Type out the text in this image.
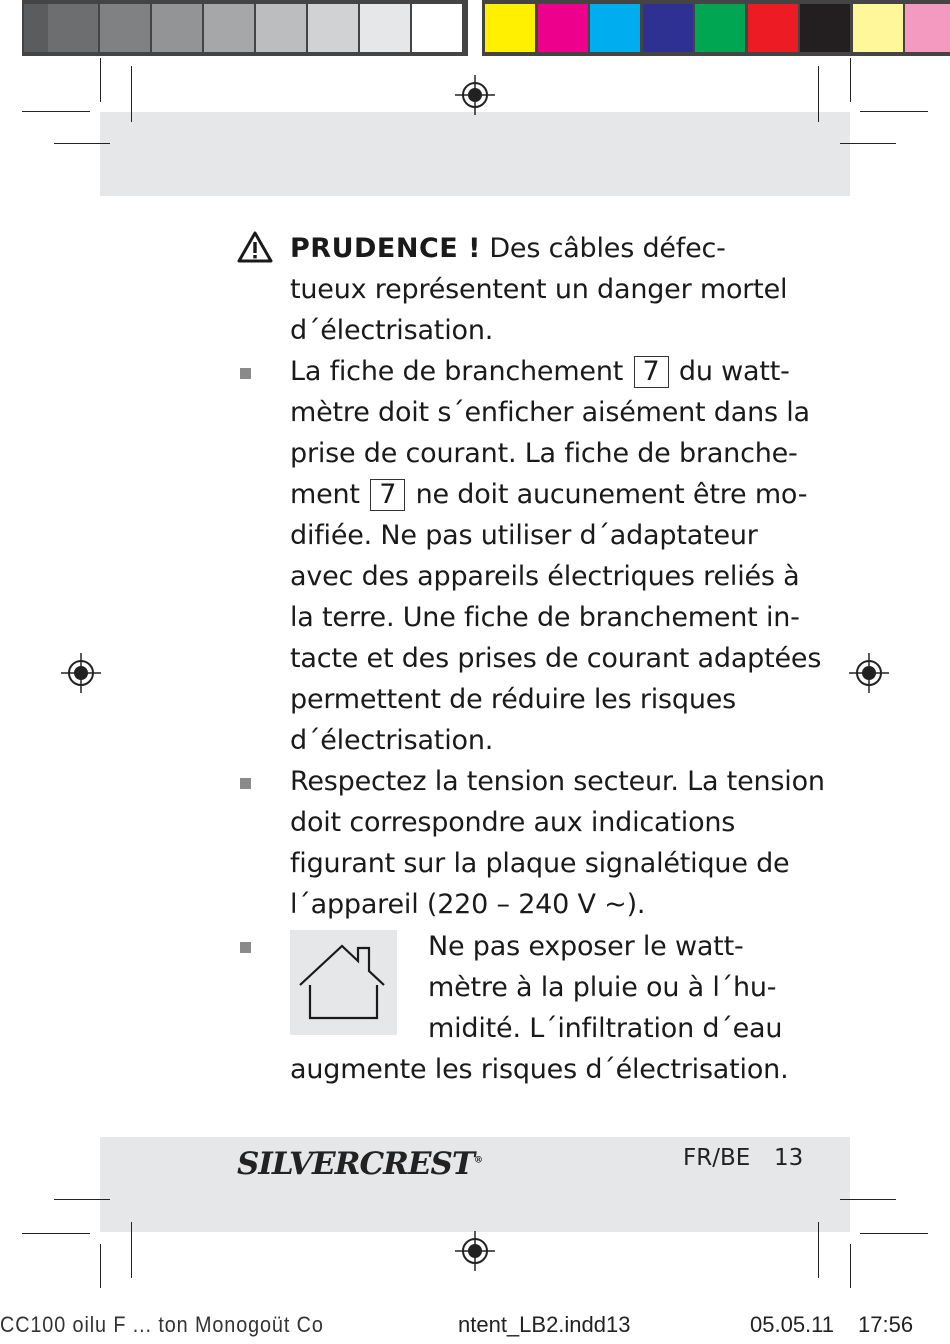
PRUDENCE ! Des câbles défec-
tueux représentent un danger mortel
d´électrisation.
La fiche de branchement 7 du watt-
mètre doit s´enficher aisément dans la
prise de courant. La fiche de branche-
ment 7 ne doit aucunement être mo-
difiée. Ne pas utiliser d´adaptateur
avec des appareils électriques reliés à
la terre. Une fiche de branchement in-
tacte et des prises de courant adaptées
permettent de réduire les risques
d´électrisation.
Respectez la tension secteur. La tension
doit correspondre aux indications
figurant sur la plaque signalétique de
l´appareil (220 – 240 V ~).
Ne pas exposer le watt-
mètre à la pluie ou à l´hu-
midité. L´infiltration d´eau
augmente les risques d´électrisation.
SILVERCREST®	FR/BE 13
CC100 oilu F ... ton Monogoüt Co	ntent_LB2.indd 13	05.05.11 17:56
